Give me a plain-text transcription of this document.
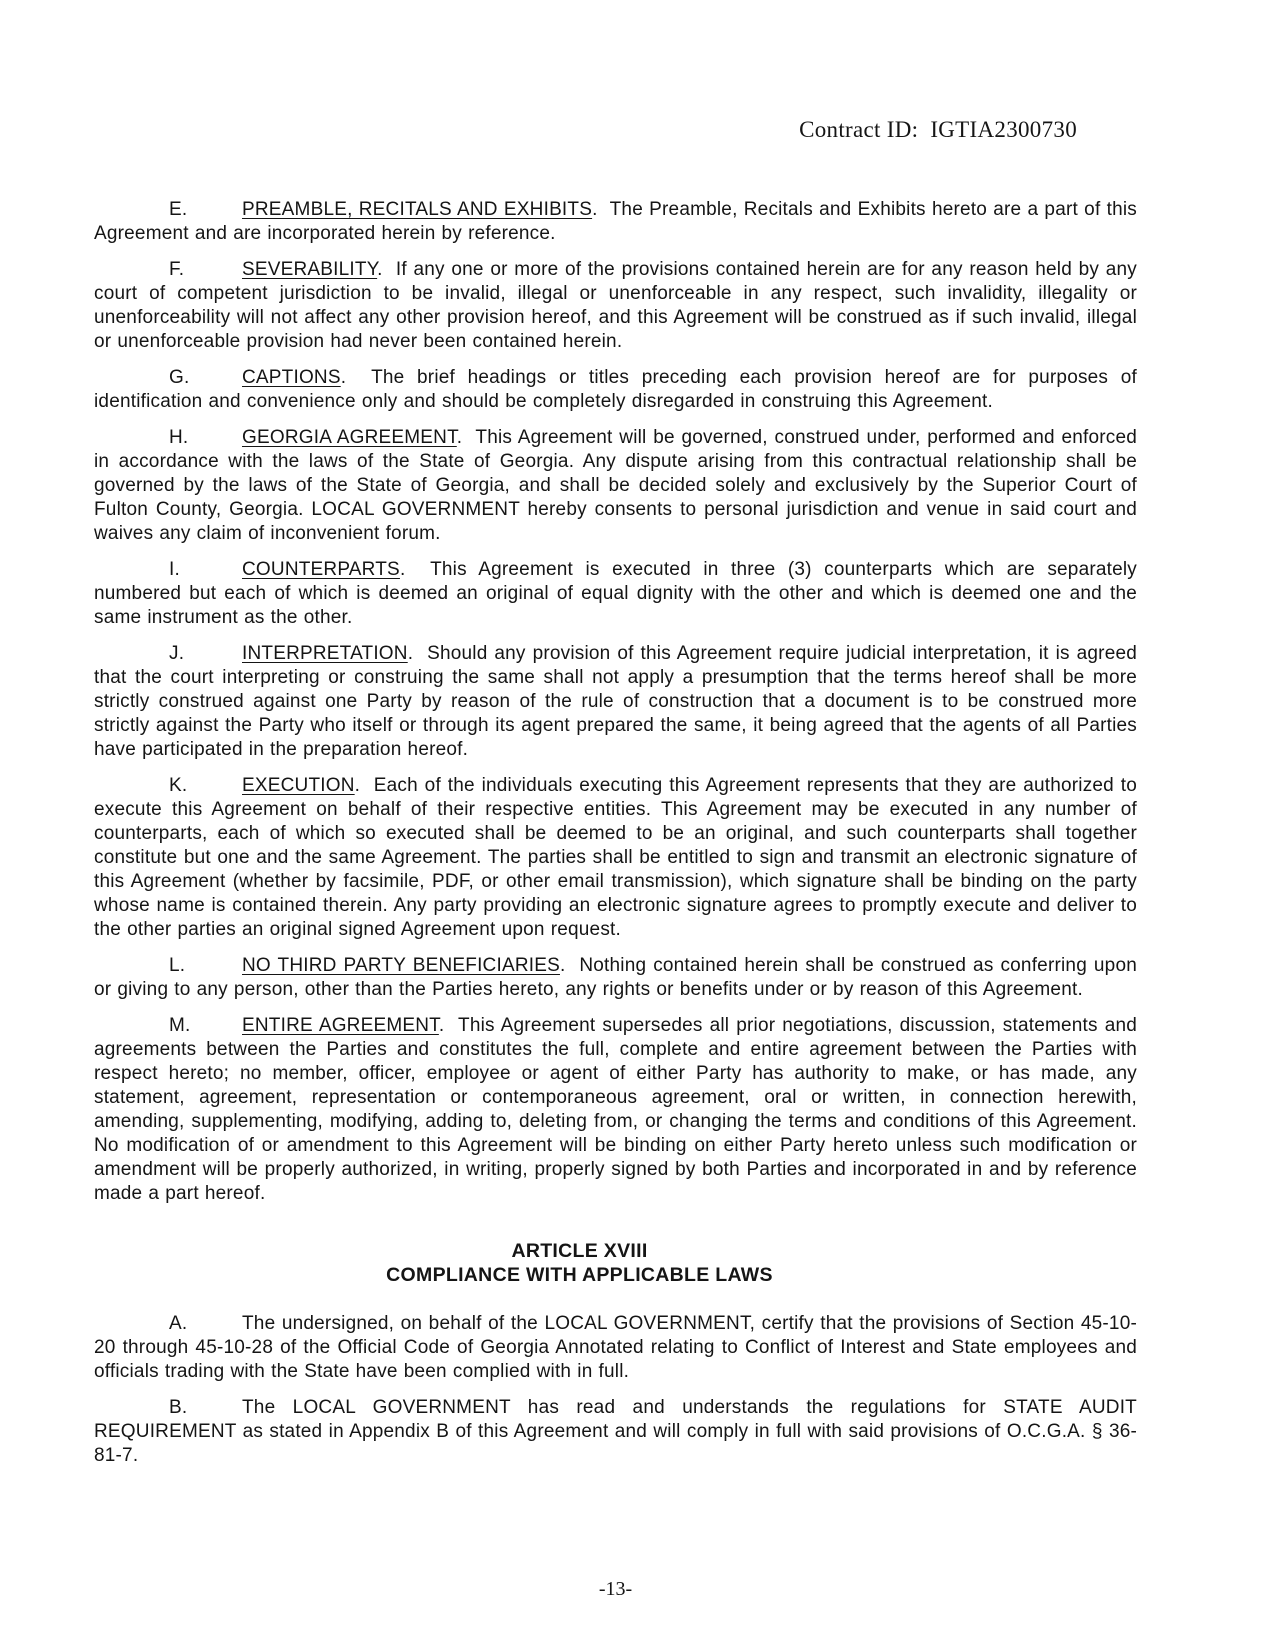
Contract ID: IGTIA2300730

E.	PREAMBLE, RECITALS AND EXHIBITS.  The Preamble, Recitals and Exhibits hereto are a part of this Agreement and are incorporated herein by reference.

F.	SEVERABILITY.  If any one or more of the provisions contained herein are for any reason held by any court of competent jurisdiction to be invalid, illegal or unenforceable in any respect, such invalidity, illegality or unenforceability will not affect any other provision hereof, and this Agreement will be construed as if such invalid, illegal or unenforceable provision had never been contained herein.

G.	CAPTIONS.  The brief headings or titles preceding each provision hereof are for purposes of identification and convenience only and should be completely disregarded in construing this Agreement.

H.	GEORGIA AGREEMENT.  This Agreement will be governed, construed under, performed and enforced in accordance with the laws of the State of Georgia. Any dispute arising from this contractual relationship shall be governed by the laws of the State of Georgia, and shall be decided solely and exclusively by the Superior Court of Fulton County, Georgia. LOCAL GOVERNMENT hereby consents to personal jurisdiction and venue in said court and waives any claim of inconvenient forum.

I.	COUNTERPARTS.  This Agreement is executed in three (3) counterparts which are separately numbered but each of which is deemed an original of equal dignity with the other and which is deemed one and the same instrument as the other.

J.	INTERPRETATION.  Should any provision of this Agreement require judicial interpretation, it is agreed that the court interpreting or construing the same shall not apply a presumption that the terms hereof shall be more strictly construed against one Party by reason of the rule of construction that a document is to be construed more strictly against the Party who itself or through its agent prepared the same, it being agreed that the agents of all Parties have participated in the preparation hereof.

K.	EXECUTION.  Each of the individuals executing this Agreement represents that they are authorized to execute this Agreement on behalf of their respective entities. This Agreement may be executed in any number of counterparts, each of which so executed shall be deemed to be an original, and such counterparts shall together constitute but one and the same Agreement. The parties shall be entitled to sign and transmit an electronic signature of this Agreement (whether by facsimile, PDF, or other email transmission), which signature shall be binding on the party whose name is contained therein. Any party providing an electronic signature agrees to promptly execute and deliver to the other parties an original signed Agreement upon request.

L.	NO THIRD PARTY BENEFICIARIES.  Nothing contained herein shall be construed as conferring upon or giving to any person, other than the Parties hereto, any rights or benefits under or by reason of this Agreement.

M.	ENTIRE AGREEMENT.  This Agreement supersedes all prior negotiations, discussion, statements and agreements between the Parties and constitutes the full, complete and entire agreement between the Parties with respect hereto; no member, officer, employee or agent of either Party has authority to make, or has made, any statement, agreement, representation or contemporaneous agreement, oral or written, in connection herewith, amending, supplementing, modifying, adding to, deleting from, or changing the terms and conditions of this Agreement. No modification of or amendment to this Agreement will be binding on either Party hereto unless such modification or amendment will be properly authorized, in writing, properly signed by both Parties and incorporated in and by reference made a part hereof.

ARTICLE XVIII
COMPLIANCE WITH APPLICABLE LAWS

A.	The undersigned, on behalf of the LOCAL GOVERNMENT, certify that the provisions of Section 45-10-20 through 45-10-28 of the Official Code of Georgia Annotated relating to Conflict of Interest and State employees and officials trading with the State have been complied with in full.

B.	The LOCAL GOVERNMENT has read and understands the regulations for STATE AUDIT REQUIREMENT as stated in Appendix B of this Agreement and will comply in full with said provisions of O.C.G.A. § 36-81-7.

-13-
